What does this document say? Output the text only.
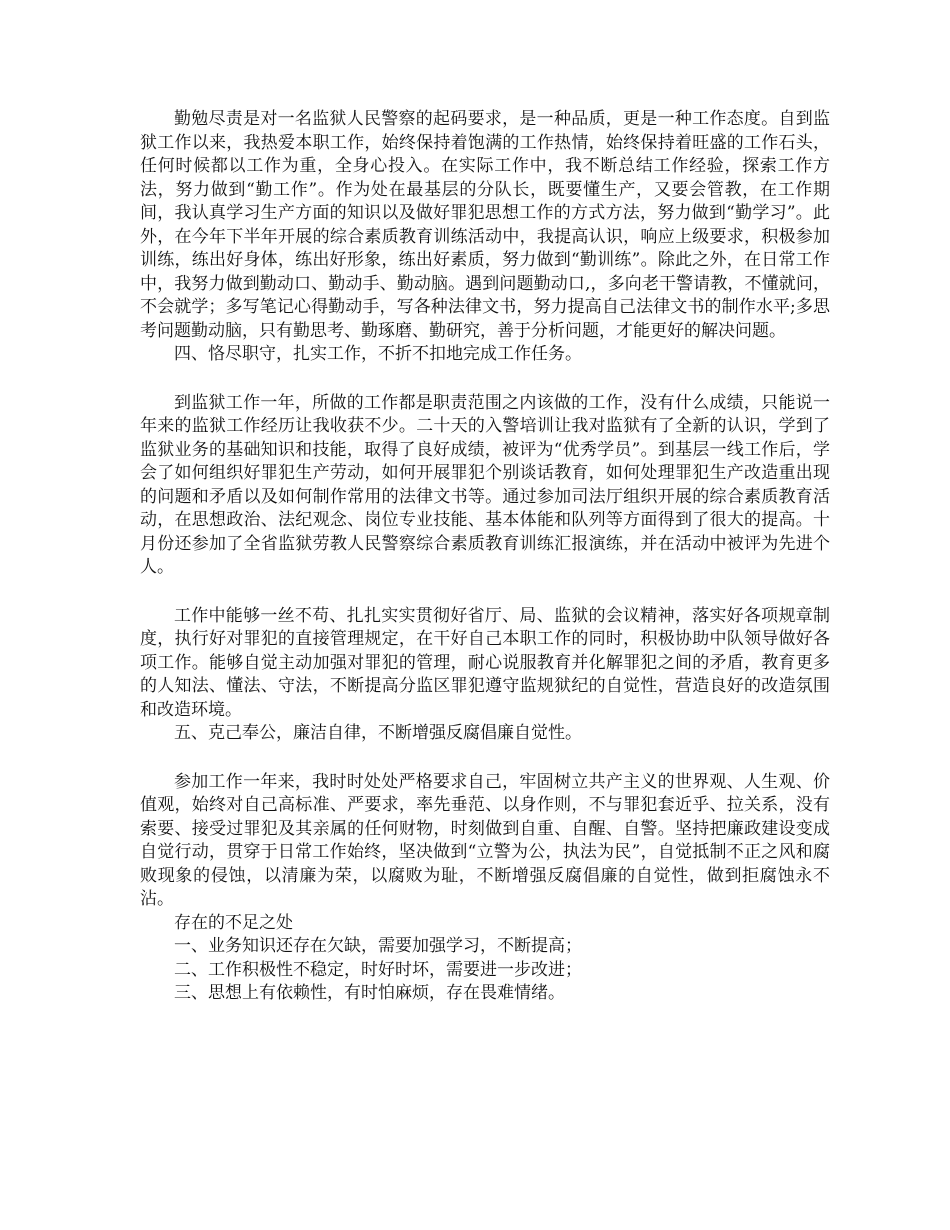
勤勉尽责是对一名监狱人民警察的起码要求，是一种品质，更是一种工作态度。自到监狱工作以来，我热爱本职工作，始终保持着饱满的工作热情，始终保持着旺盛的工作石头，任何时候都以工作为重，全身心投入。在实际工作中，我不断总结工作经验，探索工作方法，努力做到“勤工作”。作为处在最基层的分队长，既要懂生产，又要会管教，在工作期间，我认真学习生产方面的知识以及做好罪犯思想工作的方式方法，努力做到“勤学习”。此外，在今年下半年开展的综合素质教育训练活动中，我提高认识，响应上级要求，积极参加训练，练出好身体，练出好形象，练出好素质，努力做到“勤训练”。除此之外，在日常工作中，我努力做到勤动口、勤动手、勤动脑。遇到问题勤动口,，多向老干警请教，不懂就问，不会就学；多写笔记心得勤动手，写各种法律文书，努力提高自己法律文书的制作水平;多思考问题勤动脑，只有勤思考、勤琢磨、勤研究，善于分析问题，才能更好的解决问题。

四、恪尽职守，扎实工作，不折不扣地完成工作任务。

到监狱工作一年，所做的工作都是职责范围之内该做的工作，没有什么成绩，只能说一年来的监狱工作经历让我收获不少。二十天的入警培训让我对监狱有了全新的认识，学到了监狱业务的基础知识和技能，取得了良好成绩，被评为“优秀学员”。到基层一线工作后，学会了如何组织好罪犯生产劳动，如何开展罪犯个别谈话教育，如何处理罪犯生产改造重出现的问题和矛盾以及如何制作常用的法律文书等。通过参加司法厅组织开展的综合素质教育活动，在思想政治、法纪观念、岗位专业技能、基本体能和队列等方面得到了很大的提高。十月份还参加了全省监狱劳教人民警察综合素质教育训练汇报演练，并在活动中被评为先进个人。

工作中能够一丝不苟、扎扎实实贯彻好省厅、局、监狱的会议精神，落实好各项规章制度，执行好对罪犯的直接管理规定，在干好自己本职工作的同时，积极协助中队领导做好各项工作。能够自觉主动加强对罪犯的管理，耐心说服教育并化解罪犯之间的矛盾，教育更多的人知法、懂法、守法，不断提高分监区罪犯遵守监规狱纪的自觉性，营造良好的改造氛围和改造环境。

五、克己奉公，廉洁自律，不断增强反腐倡廉自觉性。

参加工作一年来，我时时处处严格要求自己，牢固树立共产主义的世界观、人生观、价值观，始终对自己高标准、严要求，率先垂范、以身作则，不与罪犯套近乎、拉关系，没有索要、接受过罪犯及其亲属的任何财物，时刻做到自重、自醒、自警。坚持把廉政建设变成自觉行动，贯穿于日常工作始终，坚决做到“立警为公，执法为民”，自觉抵制不正之风和腐败现象的侵蚀，以清廉为荣，以腐败为耻，不断增强反腐倡廉的自觉性，做到拒腐蚀永不沾。

存在的不足之处

一、业务知识还存在欠缺，需要加强学习，不断提高；

二、工作积极性不稳定，时好时坏，需要进一步改进；

三、思想上有依赖性，有时怕麻烦，存在畏难情绪。
